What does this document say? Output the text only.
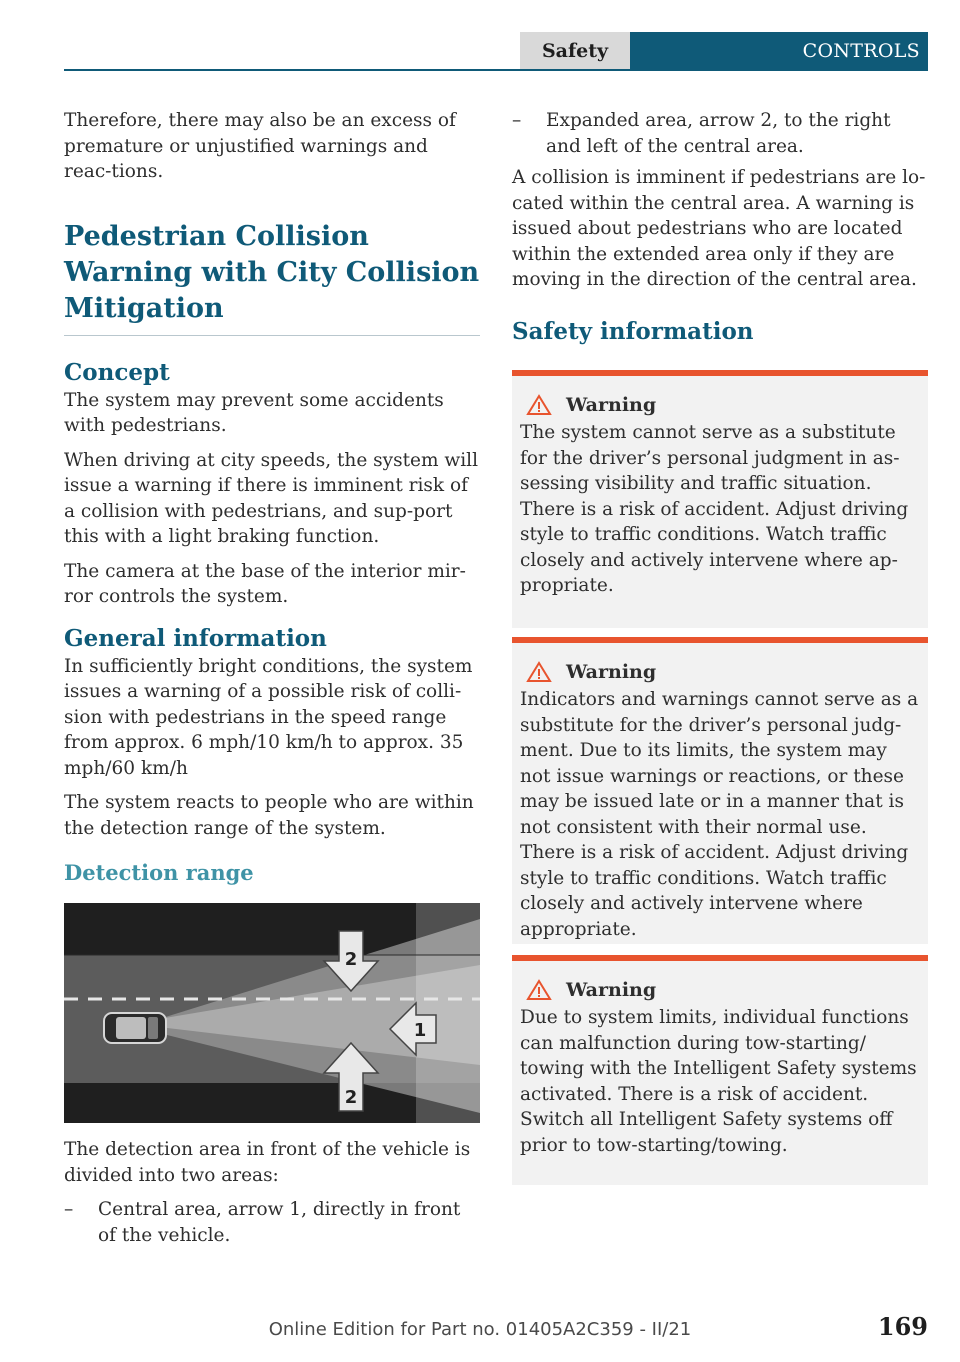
Safety	CONTROLS

Therefore, there may also be an excess of premature or unjustified warnings and reac-tions.

Pedestrian Collision Warning with City Collision Mitigation
Concept

The system may prevent some accidents with pedestrians.

When driving at city speeds, the system will issue a warning if there is imminent risk of a collision with pedestrians, and sup-port this with a light braking function.

The camera at the base of the interior mir-ror controls the system.

General information

In sufficiently bright conditions, the system issues a warning of a possible risk of colli-sion with pedestrians in the speed range from approx. 6 mph/10 km/h to approx. 35 mph/60 km/h

The system reacts to people who are within the detection range of the system.

Detection range
2
1
2

The detection area in front of the vehicle is divided into two areas:

–	Central area, arrow 1, directly in front of the vehicle.
–	Expanded area, arrow 2, to the right and left of the central area.

A collision is imminent if pedestrians are lo-cated within the central area. A warning is issued about pedestrians who are located within the extended area only if they are moving in the direction of the central area.

Safety information
Warning

The system cannot serve as a substitute for the driver’s personal judgment in as-sessing visibility and traffic situation. There is a risk of accident. Adjust driving style to traffic conditions. Watch traffic closely and actively intervene where ap-propriate.

Warning

Indicators and warnings cannot serve as a substitute for the driver’s personal judg-ment. Due to its limits, the system may not issue warnings or reactions, or these may be issued late or in a manner that is not consistent with their normal use. There is a risk of accident. Adjust driving style to traffic conditions. Watch traffic closely and actively intervene where appropriate.

Warning

Due to system limits, individual functions can malfunction during tow-starting/ towing with the Intelligent Safety systems activated. There is a risk of accident. Switch all Intelligent Safety systems off prior to tow-starting/towing.

Online Edition for Part no. 01405A2C359 - II/21	169
